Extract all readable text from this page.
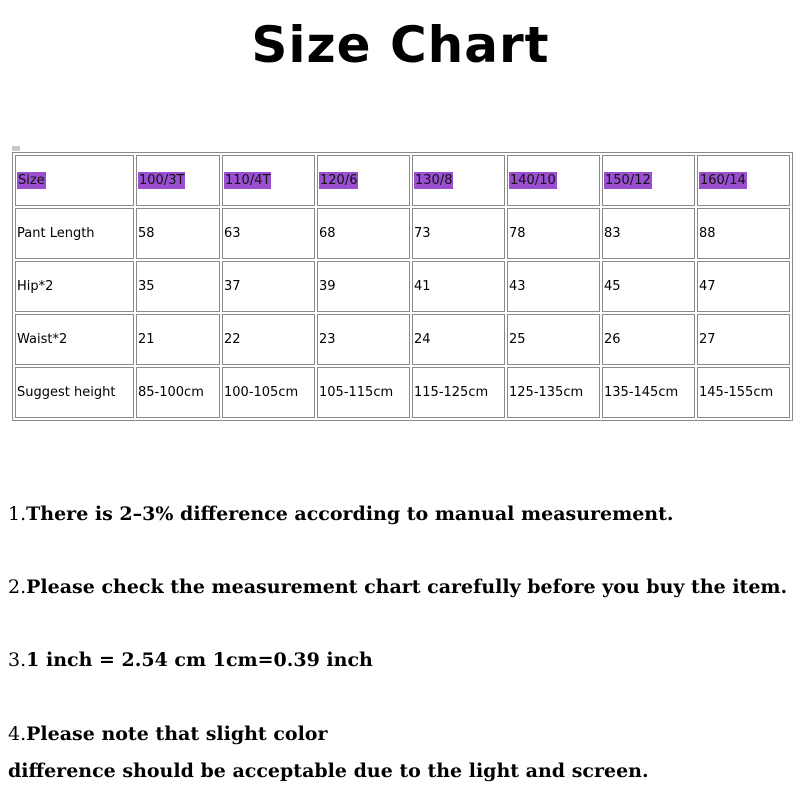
Size Chart
Size	100/3T	110/4T	120/6	130/8	140/10	150/12	160/14
Pant Length	58	63	68	73	78	83	88
Hip*2	35	37	39	41	43	45	47
Waist*2	21	22	23	24	25	26	27
Suggest height	85-100cm	100-105cm	105-115cm	115-125cm	125-135cm	135-145cm	145-155cm
1.There is 2–3% difference according to manual measurement.
2.Please check the measurement chart carefully before you buy the item.
3.1 inch = 2.54 cm 1cm=0.39 inch
4.Please note that slight color
difference should be acceptable due to the light and screen.
